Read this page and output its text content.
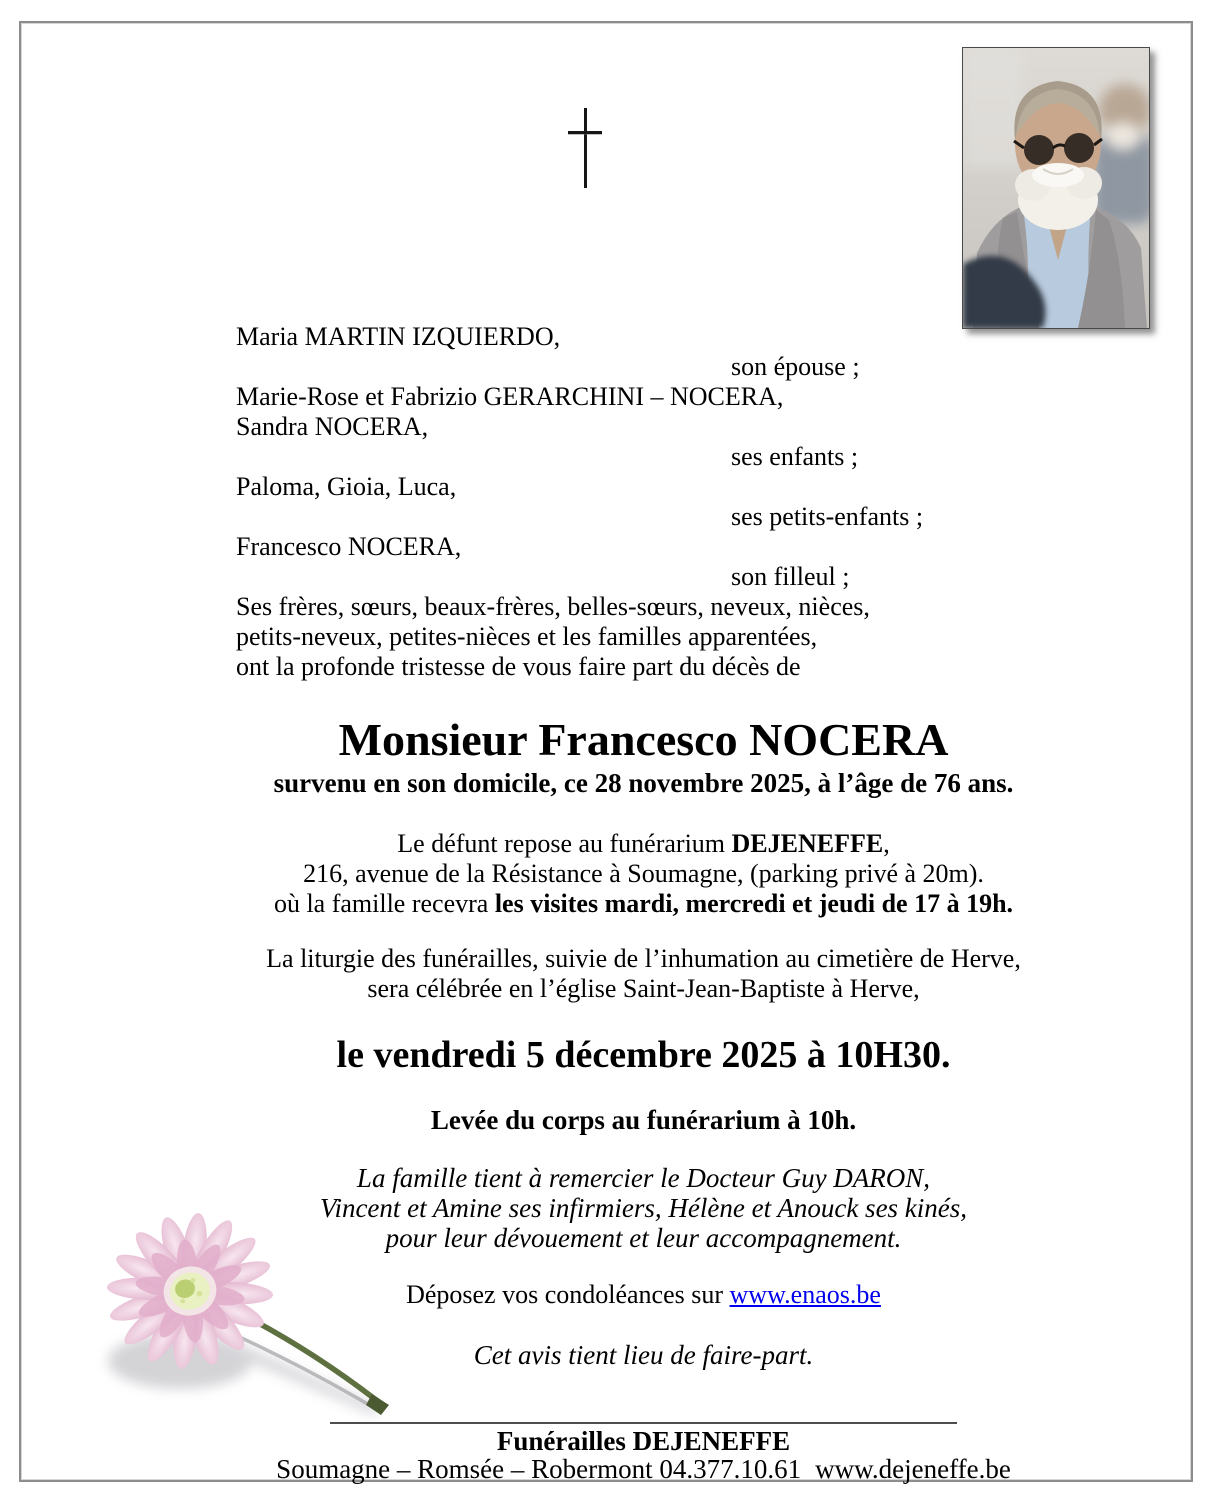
Maria MARTIN IZQUIERDO,
son épouse ;
Marie-Rose et Fabrizio GERARCHINI – NOCERA,
Sandra NOCERA,
ses enfants ;
Paloma, Gioia, Luca,
ses petits-enfants ;
Francesco NOCERA,
son filleul ;
Ses frères, sœurs, beaux-frères, belles-sœurs, neveux, nièces,
petits-neveux, petites-nièces et les familles apparentées,
ont la profonde tristesse de vous faire part du décès de
Monsieur Francesco NOCERA
survenu en son domicile, ce 28 novembre 2025, à l’âge de 76 ans.
Le défunt repose au funérarium DEJENEFFE,
216, avenue de la Résistance à Soumagne, (parking privé à 20m).
où la famille recevra les visites mardi, mercredi et jeudi de 17 à 19h.
La liturgie des funérailles, suivie de l’inhumation au cimetière de Herve,
sera célébrée en l’église Saint-Jean-Baptiste à Herve,
le vendredi 5 décembre 2025 à 10H30.
Levée du corps au funérarium à 10h.
La famille tient à remercier le Docteur Guy DARON,
Vincent et Amine ses infirmiers, Hélène et Anouck ses kinés,
pour leur dévouement et leur accompagnement.
Déposez vos condoléances sur www.enaos.be
Cet avis tient lieu de faire-part.
Funérailles DEJENEFFE
Soumagne – Romsée – Robermont 04.377.10.61 www.dejeneffe.be
